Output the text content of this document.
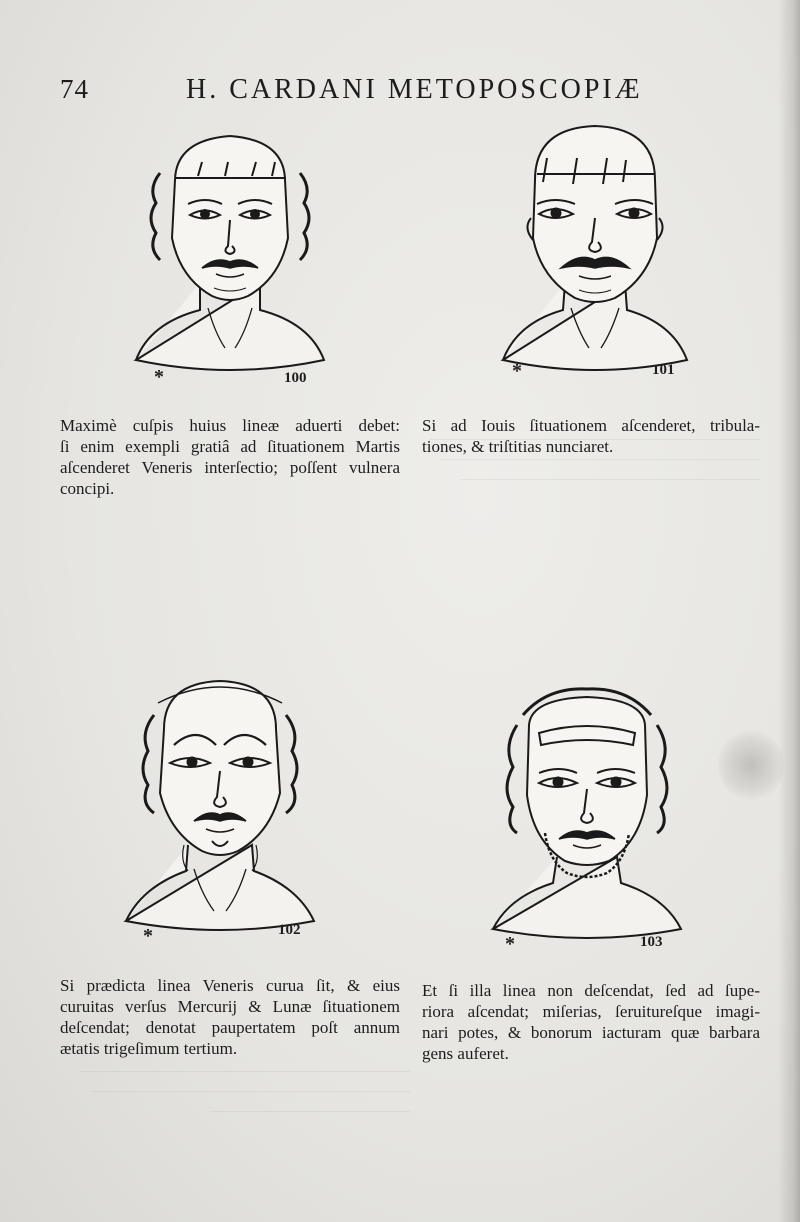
74	H. CARDANI METOPOSCOPIÆ
*	100	*	101
Maximè cuſpis huius lineæ aduerti debet:
ſi enim exempli gratiâ ad ſituationem Martis
aſcenderet Veneris interſectio; poſſent vulnera
concipi.
Si ad Iouis ſituationem aſcenderet, tribula-
tiones, & triſtitias nunciaret.
*	102
*	103
Si prædicta linea Veneris curua ſit, & eius
curuitas verſus Mercurij & Lunæ ſituationem
deſcendat; denotat paupertatem poſt annum
ætatis trigeſimum tertium.
Et ſi illa linea non deſcendat, ſed ad ſupe-
riora aſcendat; miſerias, ſeruitureſque imagi-
nari potes, & bonorum iacturam quæ barbara
gens auferet.
